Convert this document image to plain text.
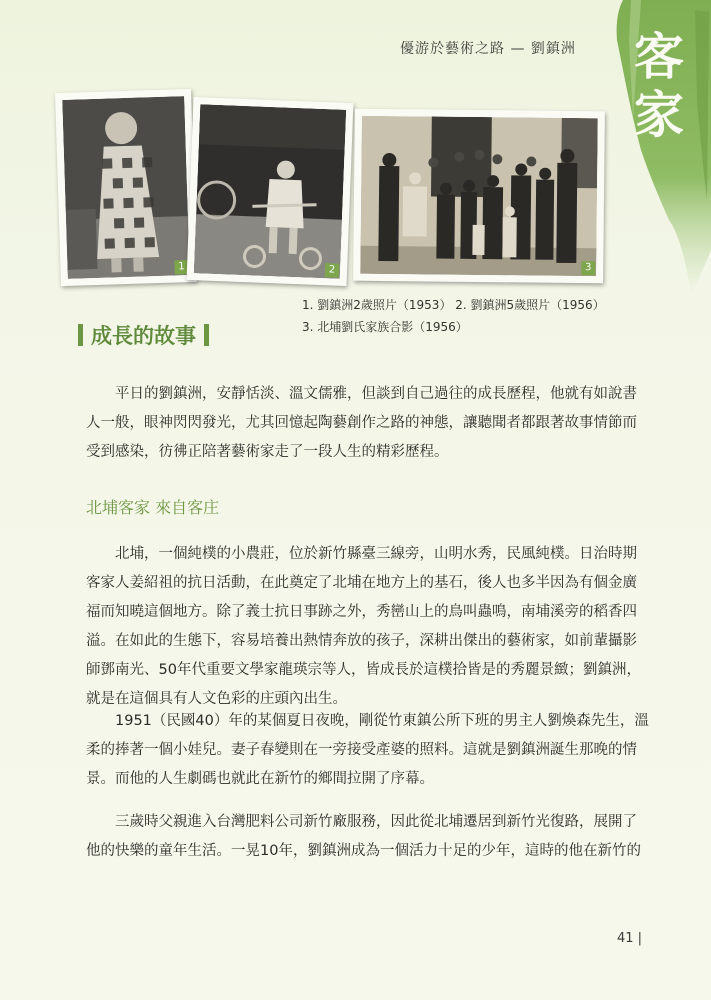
優游於藝術之路 — 劉鎮洲	客
家
1	2	3
1. 劉鎮洲2歲照片（1953） 2. 劉鎮洲5歲照片（1956）
3. 北埔劉氏家族合影（1956）
成長的故事

平日的劉鎮洲，安靜恬淡、溫文儒雅，但談到自己過往的成長歷程，他就有如說書
人一般，眼神閃閃發光，尤其回憶起陶藝創作之路的神態，讓聽聞者都跟著故事情節而
受到感染，彷彿正陪著藝術家走了一段人生的精彩歷程。

北埔客家 來自客庄

北埔，一個純樸的小農莊，位於新竹縣臺三線旁，山明水秀，民風純樸。日治時期
客家人姜紹祖的抗日活動，在此奠定了北埔在地方上的基石，後人也多半因為有個金廣
福而知曉這個地方。除了義士抗日事跡之外，秀巒山上的鳥叫蟲鳴，南埔溪旁的稻香四
溢。在如此的生態下，容易培養出熱情奔放的孩子，深耕出傑出的藝術家，如前輩攝影
師鄧南光、50年代重要文學家龍瑛宗等人，皆成長於這樸拾皆是的秀麗景緻；劉鎮洲，
就是在這個具有人文色彩的庄頭內出生。

1951（民國40）年的某個夏日夜晚，剛從竹東鎮公所下班的男主人劉煥森先生，溫
柔的捧著一個小娃兒。妻子春變則在一旁接受產婆的照料。這就是劉鎮洲誕生那晚的情
景。而他的人生劇碼也就此在新竹的鄉間拉開了序幕。

三歲時父親進入台灣肥料公司新竹廠服務，因此從北埔遷居到新竹光復路，展開了
他的快樂的童年生活。一晃10年，劉鎮洲成為一個活力十足的少年，這時的他在新竹的

41 |
